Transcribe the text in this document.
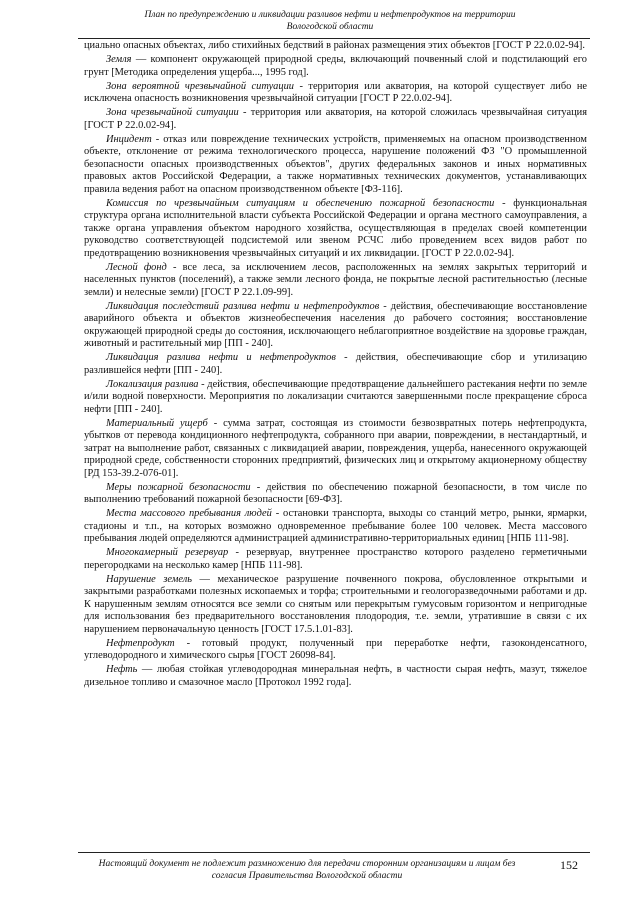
План по предупреждению и ликвидации разливов нефти и нефтепродуктов на территории
Вологодской области

циально опасных объектах, либо стихийных бедствий в районах размещения этих объектов [ГОСТ Р 22.0.02-94].

Земля — компонент окружающей природной среды, включающий почвенный слой и подстилающий его грунт [Методика определения ущерба..., 1995 год].

Зона вероятной чрезвычайной ситуации - территория или акватория, на которой существует либо не исключена опасность возникновения чрезвычайной ситуации [ГОСТ Р 22.0.02-94].

Зона чрезвычайной ситуации - территория или акватория, на которой сложилась чрезвычайная ситуация [ГОСТ Р 22.0.02-94].

Инцидент - отказ или повреждение технических устройств, применяемых на опасном производственном объекте, отклонение от режима технологического процесса, нарушение положений ФЗ "О промышленной безопасности опасных производственных объектов", других федеральных законов и иных нормативных правовых актов Российской Федерации, а также нормативных технических документов, устанавливающих правила ведения работ на опасном производственном объекте [ФЗ-116].

Комиссия по чрезвычайным ситуациям и обеспечению пожарной безопасности - функциональная структура органа исполнительной власти субъекта Российской Федерации и органа местного самоуправления, а также органа управления объектом народного хозяйства, осуществляющая в пределах своей компетенции руководство соответствующей подсистемой или звеном РСЧС либо проведением всех видов работ по предотвращению возникновения чрезвычайных ситуаций и их ликвидации. [ГОСТ Р 22.0.02-94].

Лесной фонд - все леса, за исключением лесов, расположенных на землях закрытых территорий и населенных пунктов (поселений), а также земли лесного фонда, не покрытые лесной растительностью (лесные земли) и нелесные земли) [ГОСТ Р 22.1.09-99].

Ликвидация последствий разлива нефти и нефтепродуктов - действия, обеспечивающие восстановление аварийного объекта и объектов жизнеобеспечения населения до рабочего состояния; восстановление окружающей природной среды до состояния, исключающего неблагоприятное воздействие на здоровье граждан, животный и растительный мир [ПП - 240].

Ликвидация разлива нефти и нефтепродуктов - действия, обеспечивающие сбор и утилизацию разлившейся нефти [ПП - 240].

Локализация разлива - действия, обеспечивающие предотвращение дальнейшего растекания нефти по земле и/или водной поверхности. Мероприятия по локализации считаются завершенными после прекращение сброса нефти [ПП - 240].

Материальный ущерб - сумма затрат, состоящая из стоимости безвозвратных потерь нефтепродукта, убытков от перевода кондиционного нефтепродукта, собранного при аварии, повреждении, в нестандартный, и затрат на выполнение работ, связанных с ликвидацией аварии, повреждения, ущерба, нанесенного окружающей природной среде, собственности сторонних предприятий, физических лиц и открытому акционерному обществу [РД 153-39.2-076-01].

Меры пожарной безопасности - действия по обеспечению пожарной безопасности, в том числе по выполнению требований пожарной безопасности [69-ФЗ].

Места массового пребывания людей - остановки транспорта, выходы со станций метро, рынки, ярмарки, стадионы и т.п., на которых возможно одновременное пребывание более 100 человек. Места массового пребывания людей определяются администрацией административно-территориальных единиц [НПБ 111-98].

Многокамерный резервуар - резервуар, внутреннее пространство которого разделено герметичными перегородками на несколько камер [НПБ 111-98].

Нарушение земель — механическое разрушение почвенного покрова, обусловленное открытыми и закрытыми разработками полезных ископаемых и торфа; строительными и геологоразведочными работами и др. К нарушенным землям относятся все земли со снятым или перекрытым гумусовым горизонтом и непригодные для использования без предварительного восстановления плодородия, т.е. земли, утратившие в связи с их нарушением первоначальную ценность [ГОСТ 17.5.1.01-83].

Нефтепродукт - готовый продукт, полученный при переработке нефти, газоконденсатного, углеводородного и химического сырья [ГОСТ 26098-84].

Нефть — любая стойкая углеводородная минеральная нефть, в частности сырая нефть, мазут, тяжелое дизельное топливо и смазочное масло [Протокол 1992 года].

Настоящий документ не подлежит размножению для передачи сторонним организациям и лицам без
согласия Правительства Вологодской области
152
